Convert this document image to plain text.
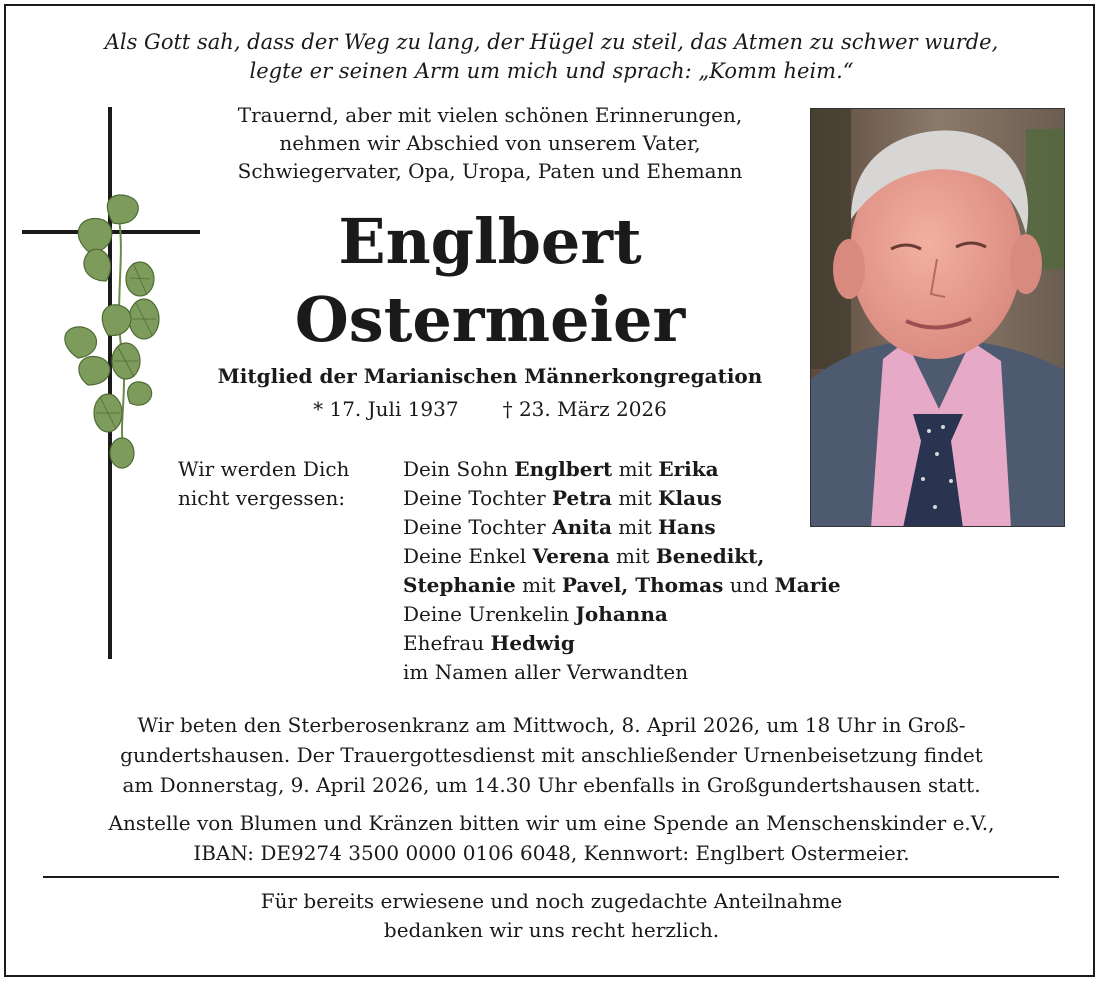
Als Gott sah, dass der Weg zu lang, der Hügel zu steil, das Atmen zu schwer wurde,
legte er seinen Arm um mich und sprach: „Komm heim.“
Trauernd, aber mit vielen schönen Erinnerungen,
nehmen wir Abschied von unserem Vater,
Schwiegervater, Opa, Uropa, Paten und Ehemann
Englbert
Ostermeier
Mitglied der Marianischen Männerkongregation
* 17. Juli 1937 † 23. März 2026
Wir werden Dich
nicht vergessen:
Dein Sohn Englbert mit Erika
Deine Tochter Petra mit Klaus
Deine Tochter Anita mit Hans
Deine Enkel Verena mit Benedikt,
Stephanie mit Pavel, Thomas und Marie
Deine Urenkelin Johanna
Ehefrau Hedwig
im Namen aller Verwandten
Wir beten den Sterberosenkranz am Mittwoch, 8. April 2026, um 18 Uhr in Groß-
gundertshausen. Der Trauergottesdienst mit anschließender Urnenbeisetzung findet
am Donnerstag, 9. April 2026, um 14.30 Uhr ebenfalls in Großgundertshausen statt.
Anstelle von Blumen und Kränzen bitten wir um eine Spende an Menschenskinder e.V.,
IBAN: DE9274 3500 0000 0106 6048, Kennwort: Englbert Ostermeier.
Für bereits erwiesene und noch zugedachte Anteilnahme
bedanken wir uns recht herzlich.
